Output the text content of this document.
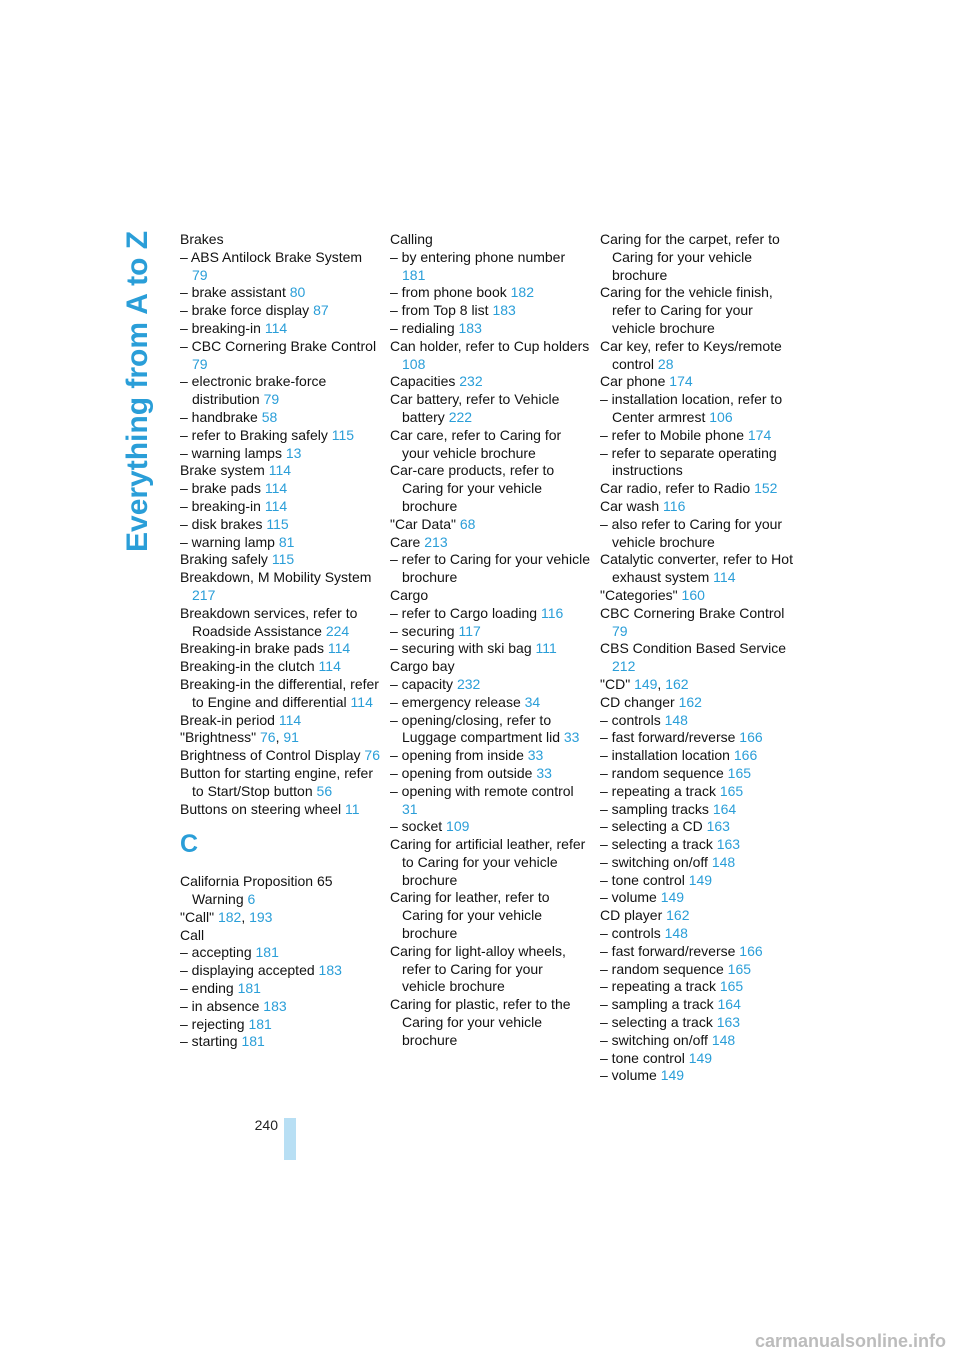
Everything from A to Z Brakes
– ABS Antilock Brake System 79
– brake assistant 80
– brake force display 87
– breaking-in 114
– CBC Cornering Brake Control 79
– electronic brake-force distribution 79
– handbrake 58
– refer to Braking safely 115
– warning lamps 13
Brake system 114
– brake pads 114
– breaking-in 114
– disk brakes 115
– warning lamp 81
Braking safely 115
Breakdown, M Mobility System 217
Breakdown services, refer to Roadside Assistance 224
Breaking-in brake pads 114
Breaking-in the clutch 114
Breaking-in the differential, refer to Engine and differential 114
Break-in period 114
"Brightness" 76, 91
Brightness of Control Display 76
Button for starting engine, refer to Start/Stop button 56
Buttons on steering wheel 11
C
California Proposition 65 Warning 6
"Call" 182, 193
Call
– accepting 181
– displaying accepted 183
– ending 181
– in absence 183
– rejecting 181
– starting 181
Calling
– by entering phone number 181
– from phone book 182
– from Top 8 list 183
– redialing 183
Can holder, refer to Cup holders 108
Capacities 232
Car battery, refer to Vehicle battery 222
Car care, refer to Caring for your vehicle brochure
Car-care products, refer to Caring for your vehicle brochure
"Car Data" 68
Care 213
– refer to Caring for your vehicle brochure
Cargo
– refer to Cargo loading 116
– securing 117
– securing with ski bag 111
Cargo bay
– capacity 232
– emergency release 34
– opening/closing, refer to Luggage compartment lid 33
– opening from inside 33
– opening from outside 33
– opening with remote control 31
– socket 109
Caring for artificial leather, refer to Caring for your vehicle brochure
Caring for leather, refer to Caring for your vehicle brochure
Caring for light-alloy wheels, refer to Caring for your vehicle brochure
Caring for plastic, refer to the Caring for your vehicle brochure
Caring for the carpet, refer to Caring for your vehicle brochure
Caring for the vehicle finish, refer to Caring for your vehicle brochure
Car key, refer to Keys/remote control 28
Car phone 174
– installation location, refer to Center armrest 106
– refer to Mobile phone 174
– refer to separate operating instructions
Car radio, refer to Radio 152
Car wash 116
– also refer to Caring for your vehicle brochure
Catalytic converter, refer to Hot exhaust system 114
"Categories" 160
CBC Cornering Brake Control 79
CBS Condition Based Service 212
"CD" 149, 162
CD changer 162
– controls 148
– fast forward/reverse 166
– installation location 166
– random sequence 165
– repeating a track 165
– sampling tracks 164
– selecting a CD 163
– selecting a track 163
– switching on/off 148
– tone control 149
– volume 149
CD player 162
– controls 148
– fast forward/reverse 166
– random sequence 165
– repeating a track 165
– sampling a track 164
– selecting a track 163
– switching on/off 148
– tone control 149
– volume 149
240
carmanualsonline.info
